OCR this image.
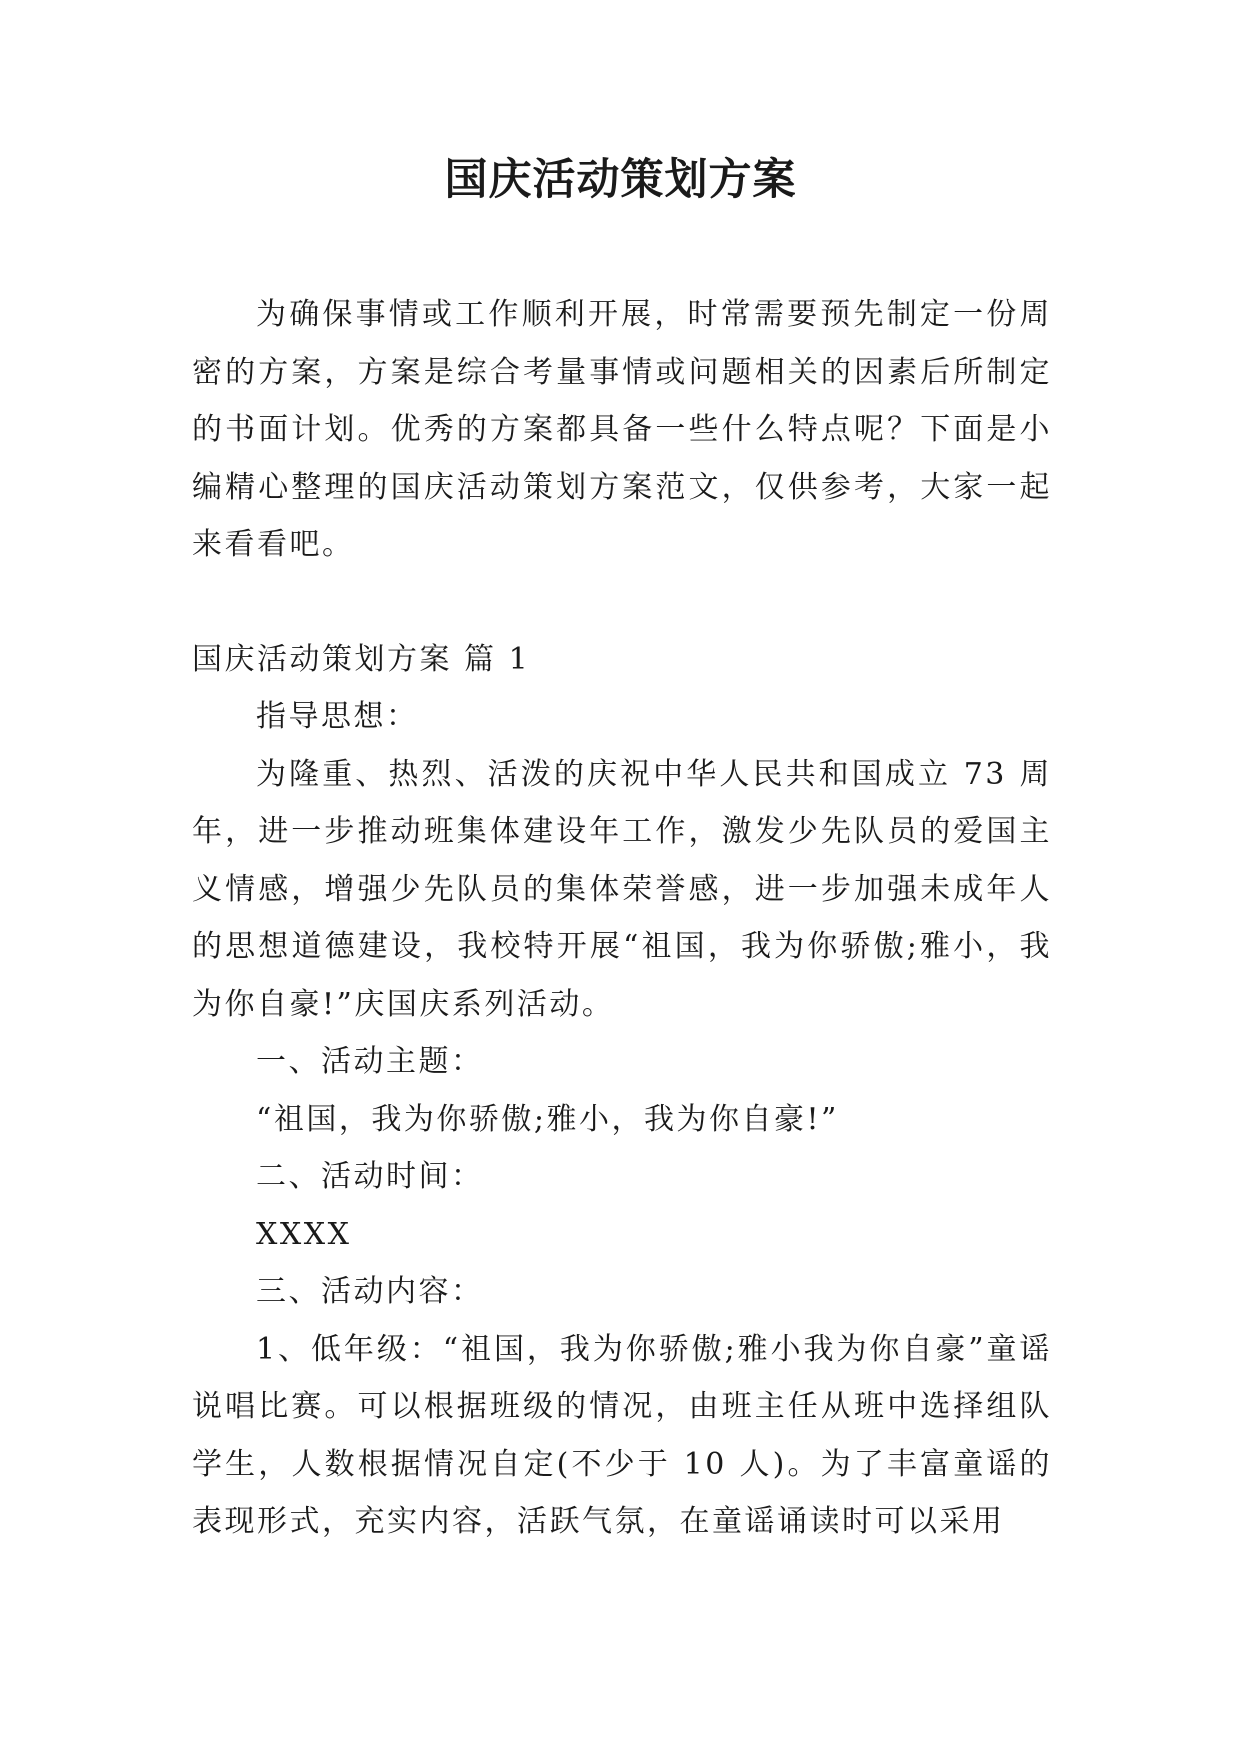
国庆活动策划方案

为确保事情或工作顺利开展，时常需要预先制定一份周密的方案，方案是综合考量事情或问题相关的因素后所制定的书面计划。优秀的方案都具备一些什么特点呢？下面是小编精心整理的国庆活动策划方案范文，仅供参考，大家一起来看看吧。

国庆活动策划方案 篇 1

指导思想：

为隆重、热烈、活泼的庆祝中华人民共和国成立 73 周年，进一步推动班集体建设年工作，激发少先队员的爱国主义情感，增强少先队员的集体荣誉感，进一步加强未成年人的思想道德建设，我校特开展“祖国，我为你骄傲;雅小，我为你自豪!”庆国庆系列活动。

一、活动主题：

“祖国，我为你骄傲;雅小，我为你自豪!”

二、活动时间：

XXXX

三、活动内容：

1、低年级：“祖国，我为你骄傲;雅小我为你自豪”童谣说唱比赛。可以根据班级的情况，由班主任从班中选择组队学生，人数根据情况自定(不少于 10 人)。为了丰富童谣的表现形式，充实内容，活跃气氛，在童谣诵读时可以采用
